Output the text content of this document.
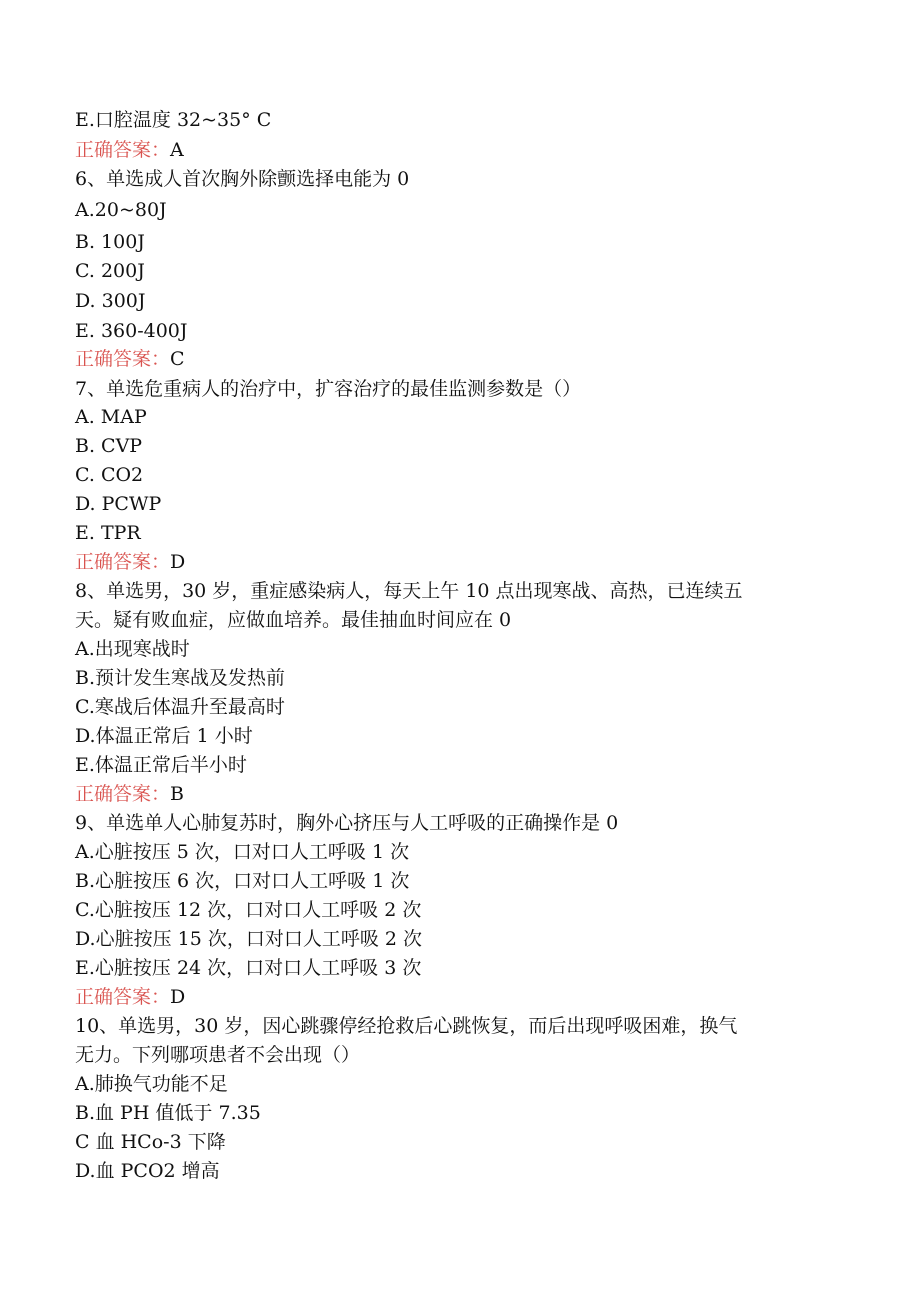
E.口腔温度 32~35° C
正确答案：A
6、单选成人首次胸外除颤选择电能为 0
A.20~80J
B. 100J
C. 200J
D. 300J
E. 360-400J
正确答案：C
7、单选危重病人的治疗中，扩容治疗的最佳监测参数是（）
A. MAP
B. CVP
C. CO2
D. PCWP
E. TPR
正确答案：D
8、单选男，30 岁，重症感染病人，每天上午 10 点出现寒战、高热，已连续五
天。疑有败血症，应做血培养。最佳抽血时间应在 0
A.出现寒战时
B.预计发生寒战及发热前
C.寒战后体温升至最高时
D.体温正常后 1 小时
E.体温正常后半小时
正确答案：B
9、单选单人心肺复苏时，胸外心挤压与人工呼吸的正确操作是 0
A.心脏按压 5 次，口对口人工呼吸 1 次
B.心脏按压 6 次，口对口人工呼吸 1 次
C.心脏按压 12 次，口对口人工呼吸 2 次
D.心脏按压 15 次，口对口人工呼吸 2 次
E.心脏按压 24 次，口对口人工呼吸 3 次
正确答案：D
10、单选男，30 岁，因心跳骤停经抢救后心跳恢复，而后出现呼吸困难，换气
无力。下列哪项患者不会出现（）
A.肺换气功能不足
B.血 PH 值低于 7.35
C 血 HCo-3 下降
D.血 PCO2 增高
